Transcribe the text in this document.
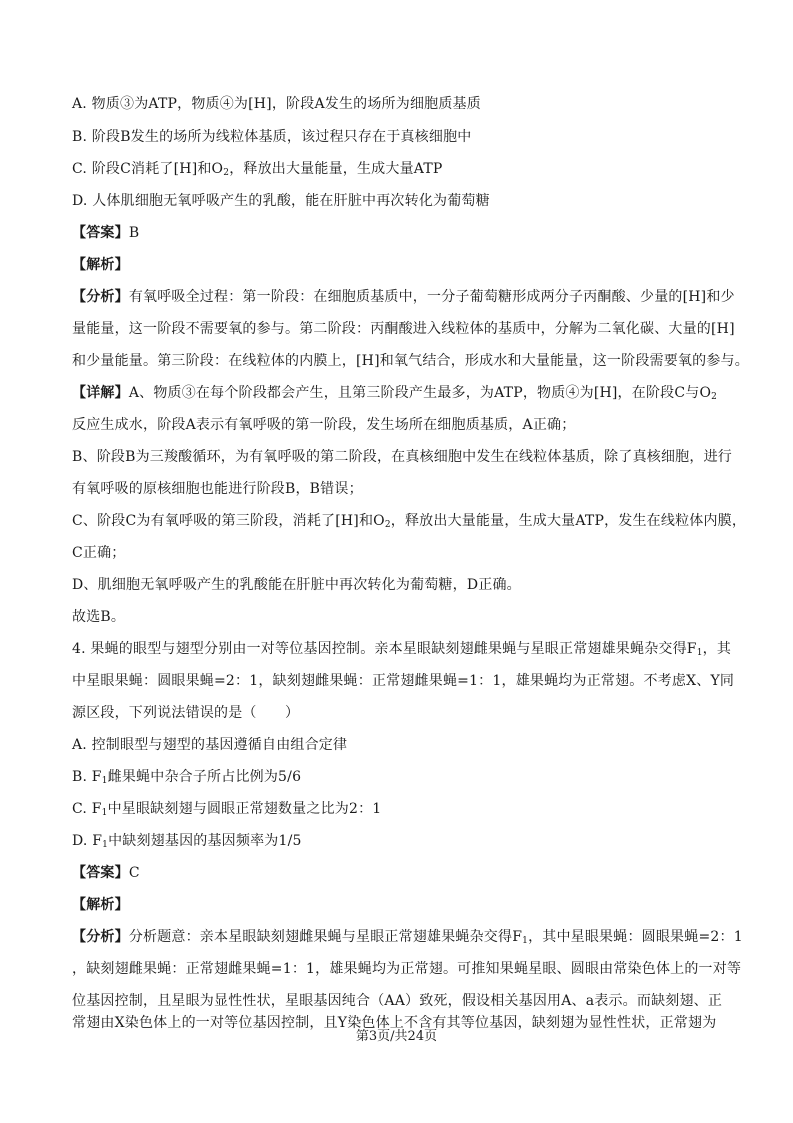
A. 物质③为ATP，物质④为[H]，阶段A发生的场所为细胞质基质
B. 阶段B发生的场所为线粒体基质，该过程只存在于真核细胞中
C. 阶段C消耗了[H]和$O_2$，释放出大量能量，生成大量ATP
D. 人体肌细胞无氧呼吸产生的乳酸，能在肝脏中再次转化为葡萄糖
【答案】B
【解析】
【分析】有氧呼吸全过程：第一阶段：在细胞质基质中，一分子葡萄糖形成两分子丙酮酸、少量的[H]和少
量能量，这一阶段不需要氧的参与。第二阶段：丙酮酸进入线粒体的基质中，分解为二氧化碳、大量的[H]
和少量能量。第三阶段：在线粒体的内膜上，[H]和氧气结合，形成水和大量能量，这一阶段需要氧的参与。
【详解】A、物质③在每个阶段都会产生，且第三阶段产生最多，为ATP，物质④为[H]，在阶段C与$O_2$
反应生成水，阶段A表示有氧呼吸的第一阶段，发生场所在细胞质基质，A正确；
B、阶段B为三羧酸循环，为有氧呼吸的第二阶段，在真核细胞中发生在线粒体基质，除了真核细胞，进行
有氧呼吸的原核细胞也能进行阶段B，B错误；
C、阶段C为有氧呼吸的第三阶段，消耗了[H]和$O_2$，释放出大量能量，生成大量ATP，发生在线粒体内膜，
C正确；
D、肌细胞无氧呼吸产生的乳酸能在肝脏中再次转化为葡萄糖，D正确。
故选B。
4. 果蝇的眼型与翅型分别由一对等位基因控制。亲本星眼缺刻翅雌果蝇与星眼正常翅雄果蝇杂交得$F_1$，其
中星眼果蝇：圆眼果蝇=2：1，缺刻翅雌果蝇：正常翅雌果蝇=1：1，雄果蝇均为正常翅。不考虑X、Y同
源区段，下列说法错误的是（　　）
A. 控制眼型与翅型的基因遵循自由组合定律
B. $F_1$雌果蝇中杂合子所占比例为5/6
C. $F_1$中星眼缺刻翅与圆眼正常翅数量之比为2：1
D. $F_1$中缺刻翅基因的基因频率为1/5
【答案】C
【解析】
【分析】分析题意：亲本星眼缺刻翅雌果蝇与星眼正常翅雄果蝇杂交得$F_1$，其中星眼果蝇：圆眼果蝇=2：1
，缺刻翅雌果蝇：正常翅雌果蝇=1：1，雄果蝇均为正常翅。可推知果蝇星眼、圆眼由常染色体上的一对等
位基因控制，且星眼为显性性状，星眼基因纯合（AA）致死，假设相关基因用A、a表示。而缺刻翅、正
常翅由X染色体上的一对等位基因控制，且Y染色体上不含有其等位基因，缺刻翅为显性性状，正常翅为
第3页/共24页
